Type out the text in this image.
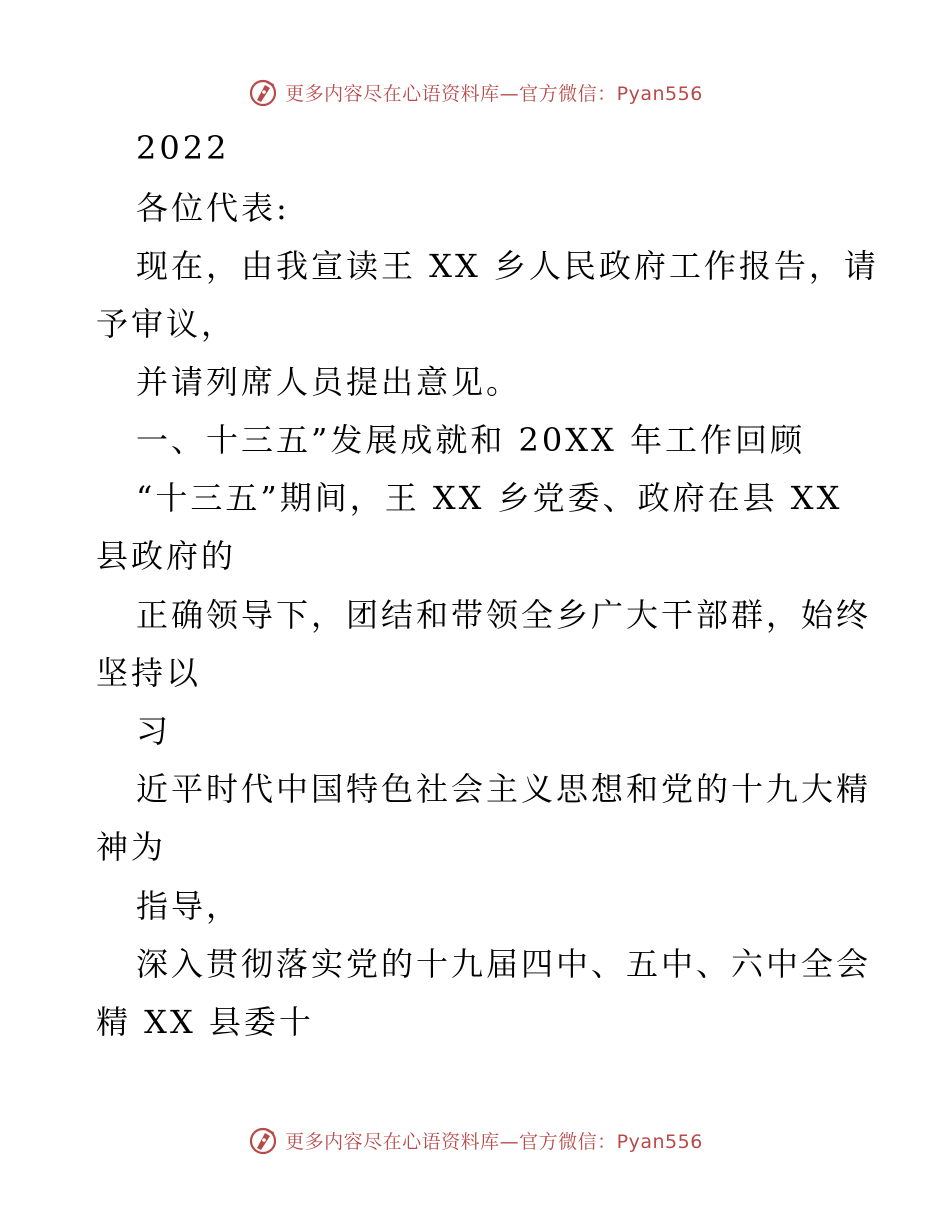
更多内容尽在心语资料库—官方微信：Pyan556
2022
各位代表:
现在，由我宣读王 XX 乡人民政府工作报告，请
予审议，
并请列席人员提出意见。
一、十三五”发展成就和 20XX 年工作回顾
“十三五”期间，王 XX 乡党委、政府在县 XX
县政府的
正确领导下，团结和带领全乡广大干部群，始终
坚持以
习
近平时代中国特色社会主义思想和党的十九大精
神为
指导，
深入贯彻落实党的十九届四中、五中、六中全会
精 XX 县委十
更多内容尽在心语资料库—官方微信：Pyan556
